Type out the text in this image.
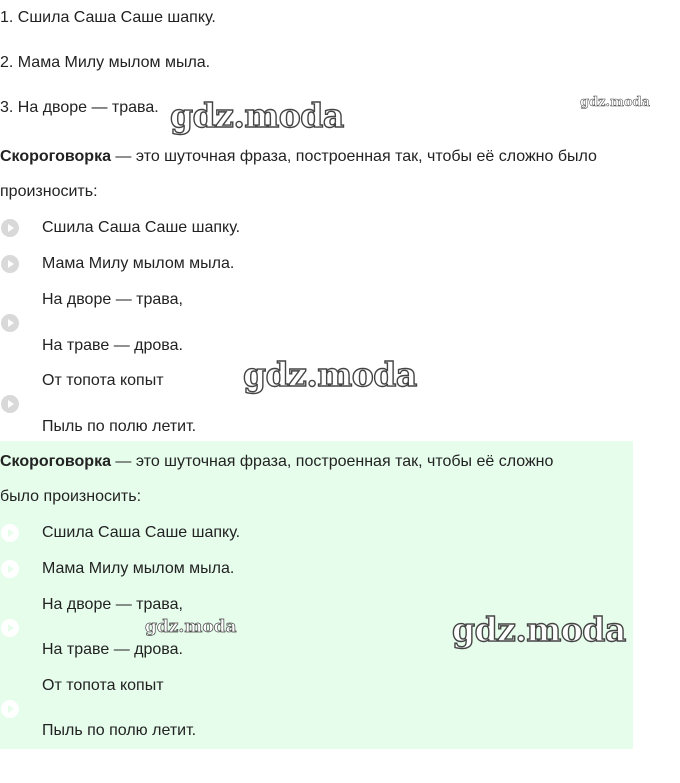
1. Сшила Саша Саше шапку.
2. Мама Милу мылом мыла.
3. На дворе — трава.
Скороговорка — это шуточная фраза, построенная так, чтобы её сложно было
произносить:
Сшила Саша Саше шапку.
Мама Милу мылом мыла.
На дворе — трава,
На траве — дрова.
От топота копыт
Пыль по полю летит.
Скороговорка — это шуточная фраза, построенная так, чтобы её сложно
было произносить:
Сшила Саша Саше шапку.
Мама Милу мылом мыла.
На дворе — трава,
На траве — дрова.
От топота копыт
Пыль по полю летит.
gdz.moda	gdz.moda
gdz.moda
gdz.moda	gdz.moda
